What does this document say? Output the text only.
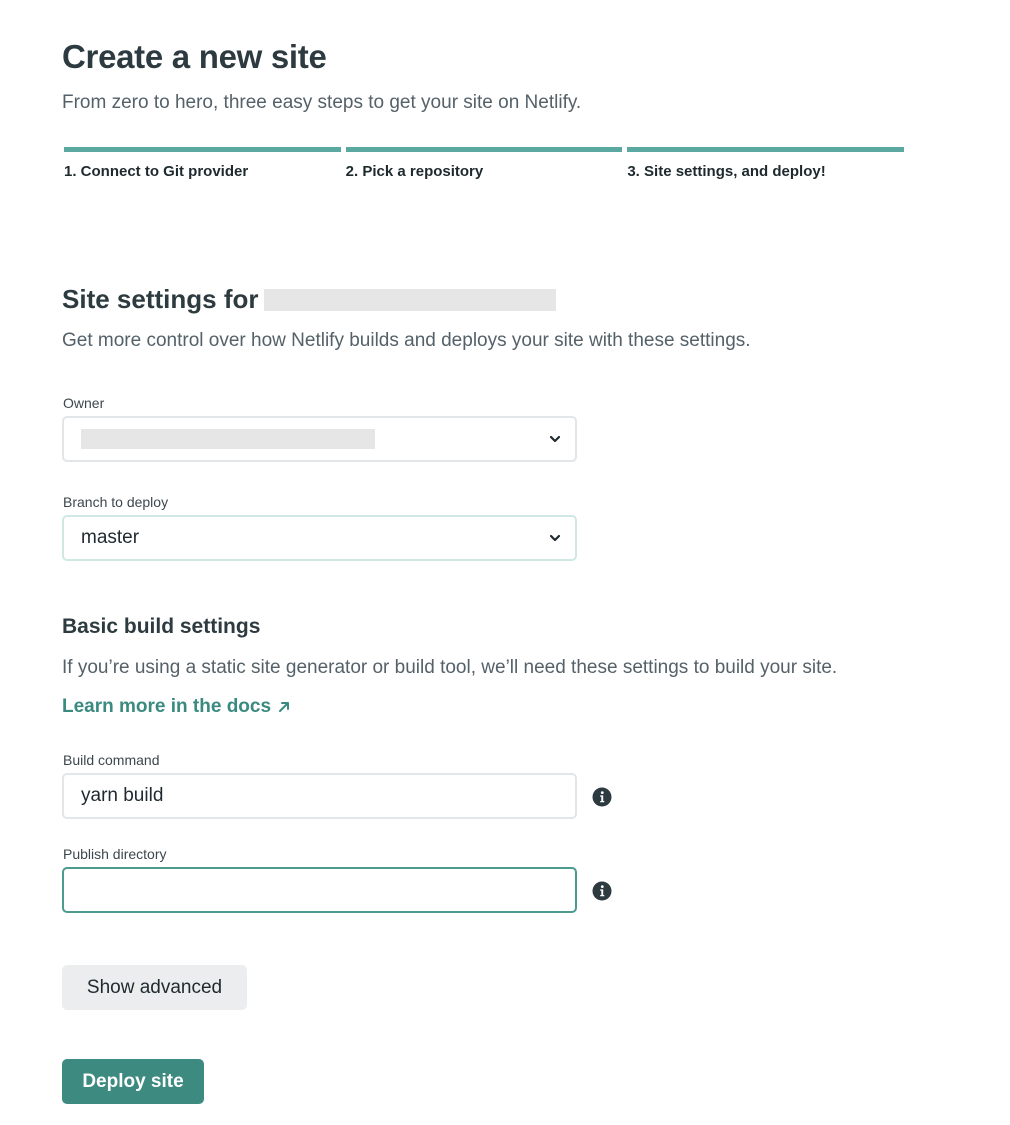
Create a new site

From zero to hero, three easy steps to get your site on Netlify.

1. Connect to Git provider	2. Pick a repository	3. Site settings, and deploy!
Site settings for

Get more control over how Netlify builds and deploys your site with these settings.

Owner
Branch to deploy
master
Basic build settings

If you’re using a static site generator or build tool, we’ll need these settings to build your site.

Learn more in the docs
Build command
yarn build
Publish directory
Show advanced
Deploy site
